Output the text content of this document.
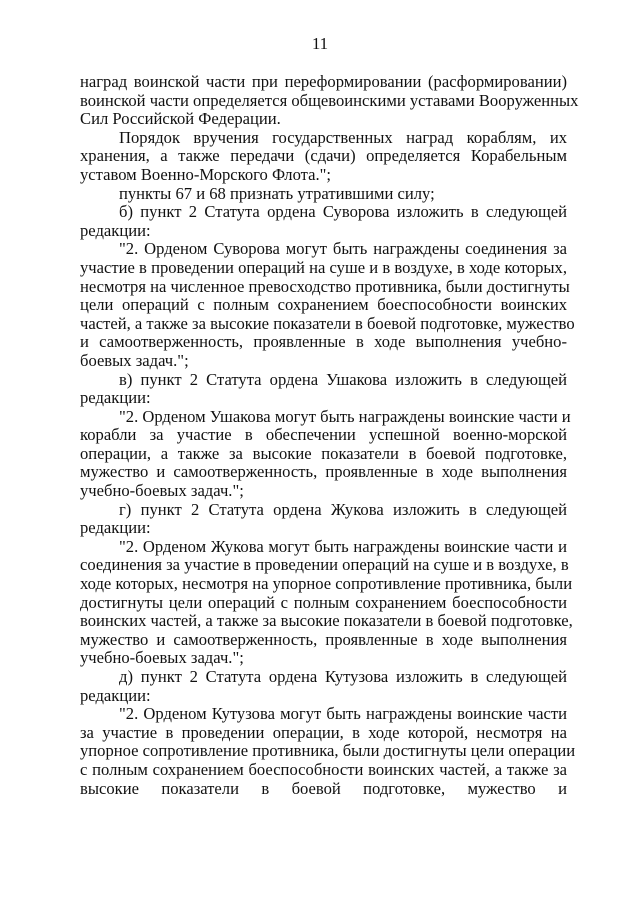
11

наград воинской части при переформировании (расформировании)
воинской части определяется общевоинскими уставами Вооруженных
Сил Российской Федерации.

Порядок вручения государственных наград кораблям, их
хранения, а также передачи (сдачи) определяется Корабельным
уставом Военно-Морского Флота.";

пункты 67 и 68 признать утратившими силу;

б) пункт 2 Статута ордена Суворова изложить в следующей
редакции:

"2. Орденом Суворова могут быть награждены соединения за
участие в проведении операций на суше и в воздухе, в ходе которых,
несмотря на численное превосходство противника, были достигнуты
цели операций с полным сохранением боеспособности воинских
частей, а также за высокие показатели в боевой подготовке, мужество
и самоотверженность, проявленные в ходе выполнения учебно-
боевых задач.";

в) пункт 2 Статута ордена Ушакова изложить в следующей
редакции:

"2. Орденом Ушакова могут быть награждены воинские части и
корабли за участие в обеспечении успешной военно-морской
операции, а также за высокие показатели в боевой подготовке,
мужество и самоотверженность, проявленные в ходе выполнения
учебно-боевых задач.";

г) пункт 2 Статута ордена Жукова изложить в следующей
редакции:

"2. Орденом Жукова могут быть награждены воинские части и
соединения за участие в проведении операций на суше и в воздухе, в
ходе которых, несмотря на упорное сопротивление противника, были
достигнуты цели операций с полным сохранением боеспособности
воинских частей, а также за высокие показатели в боевой подготовке,
мужество и самоотверженность, проявленные в ходе выполнения
учебно-боевых задач.";

д) пункт 2 Статута ордена Кутузова изложить в следующей
редакции:

"2. Орденом Кутузова могут быть награждены воинские части
за участие в проведении операции, в ходе которой, несмотря на
упорное сопротивление противника, были достигнуты цели операции
с полным сохранением боеспособности воинских частей, а также за
высокие показатели в боевой подготовке, мужество и
